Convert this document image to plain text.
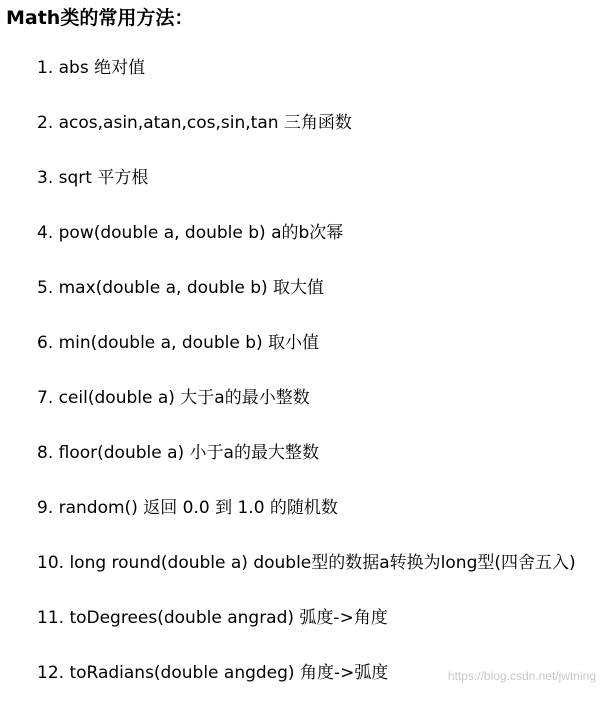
Math类的常用方法：
1. abs 绝对值
2. acos,asin,atan,cos,sin,tan 三角函数
3. sqrt 平方根
4. pow(double a, double b) a的b次幂
5. max(double a, double b) 取大值
6. min(double a, double b) 取小值
7. ceil(double a) 大于a的最小整数
8. floor(double a) 小于a的最大整数
9. random() 返回 0.0 到 1.0 的随机数
10. long round(double a) double型的数据a转换为long型(四舍五入)
11. toDegrees(double angrad) 弧度->角度
12. toRadians(double angdeg) 角度->弧度	https://blog.csdn.net/jwtning
